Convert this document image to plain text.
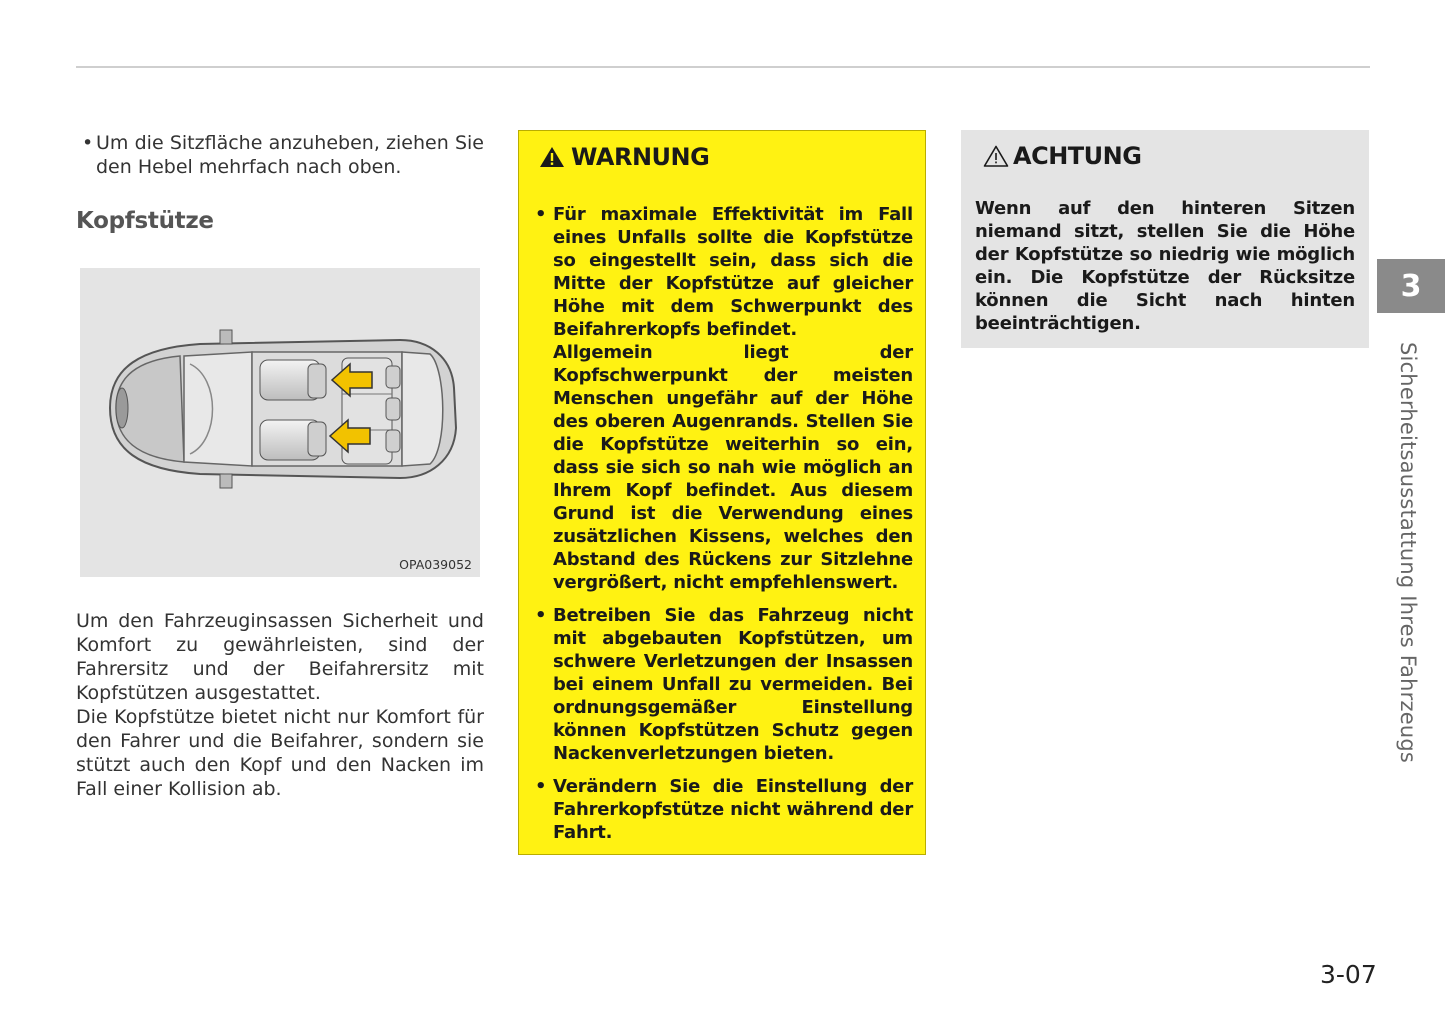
• Um die Sitzfläche anzuheben, ziehen Sie den Hebel mehrfach nach oben.
Kopfstütze
OPA039052

Um den Fahrzeuginsassen Sicherheit und Komfort zu gewährleisten, sind der Fahrersitz und der Beifahrersitz mit Kopfstützen ausgestattet.

Die Kopfstütze bietet nicht nur Komfort für den Fahrer und die Beifahrer, sondern sie stützt auch den Kopf und den Nacken im Fall einer Kollision ab.

WARNUNG
• Für maximale Effektivität im Fall eines Unfalls sollte die Kopfstütze so eingestellt sein, dass sich die Mitte der Kopfstütze auf gleicher Höhe mit dem Schwerpunkt des Beifahrerkopfs befindet.
Allgemein liegt der Kopfschwerpunkt der meisten Menschen ungefähr auf der Höhe des oberen Augenrands. Stellen Sie die Kopfstütze weiterhin so ein, dass sie sich so nah wie möglich an Ihrem Kopf befindet. Aus diesem Grund ist die Verwendung eines zusätzlichen Kissens, welches den Abstand des Rückens zur Sitzlehne vergrößert, nicht empfehlenswert.
• Betreiben Sie das Fahrzeug nicht mit abgebauten Kopfstützen, um schwere Verletzungen der Insassen bei einem Unfall zu vermeiden. Bei ordnungsgemäßer Einstellung können Kopfstützen Schutz gegen Nackenverletzungen bieten.
• Verändern Sie die Einstellung der Fahrerkopfstütze nicht während der Fahrt.
ACHTUNG

Wenn auf den hinteren Sitzen niemand sitzt, stellen Sie die Höhe der Kopfstütze so niedrig wie möglich ein. Die Kopfstütze der Rücksitze können die Sicht nach hinten beeinträchtigen.

3
Sicherheitsausstattung Ihres Fahrzeugs
3-07
